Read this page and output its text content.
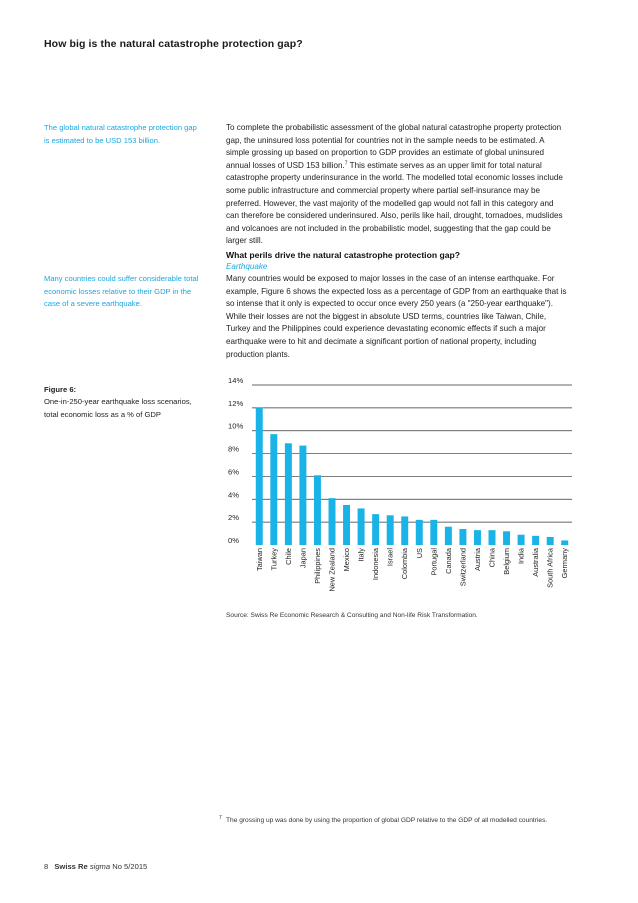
How big is the natural catastrophe protection gap?
The global natural catastrophe protection gap is estimated to be USD 153 billion.
Many countries could suffer considerable total economic losses relative to their GDP in the case of a severe earthquake.
To complete the probabilistic assessment of the global natural catastrophe property protection gap, the uninsured loss potential for countries not in the sample needs to be estimated. A simple grossing up based on proportion to GDP provides an estimate of global uninsured annual losses of USD 153 billion.$^7$ This estimate serves as an upper limit for total natural catastrophe property underinsurance in the world. The modelled total economic losses include some public infrastructure and commercial property where partial self-insurance may be preferred. However, the vast majority of the modelled gap would not fall in this category and can therefore be considered underinsured. Also, perils like hail, drought, tornadoes, mudslides and volcanoes are not included in the probabilistic model, suggesting that the gap could be larger still.
What perils drive the natural catastrophe protection gap?
Earthquake
Many countries would be exposed to major losses in the case of an intense earthquake. For example, Figure 6 shows the expected loss as a percentage of GDP from an earthquake that is so intense that it only is expected to occur once every 250 years (a "250-year earthquake"). While their losses are not the biggest in absolute USD terms, countries like Taiwan, Chile, Turkey and the Philippines could experience devastating economic effects if such a major earthquake were to hit and decimate a significant portion of national property, including production plants.
Figure 6:
One-in-250-year earthquake loss scenarios, total economic loss as a % of GDP
0%
2%
4%
6%
8%
10%
12%
14%
Taiwan Turkey Chile Japan Philippines New Zealand Mexico Italy Indonesia Israel Colombia US Portugal Canada Switzerland Austria China Belgium India Australia South Africa Germany
Source: Swiss Re Economic Research & Consulting and Non-life Risk Transformation.
7 The grossing up was done by using the proportion of global GDP relative to the GDP of all modelled countries.
8 Swiss Re sigma No 5/2015
